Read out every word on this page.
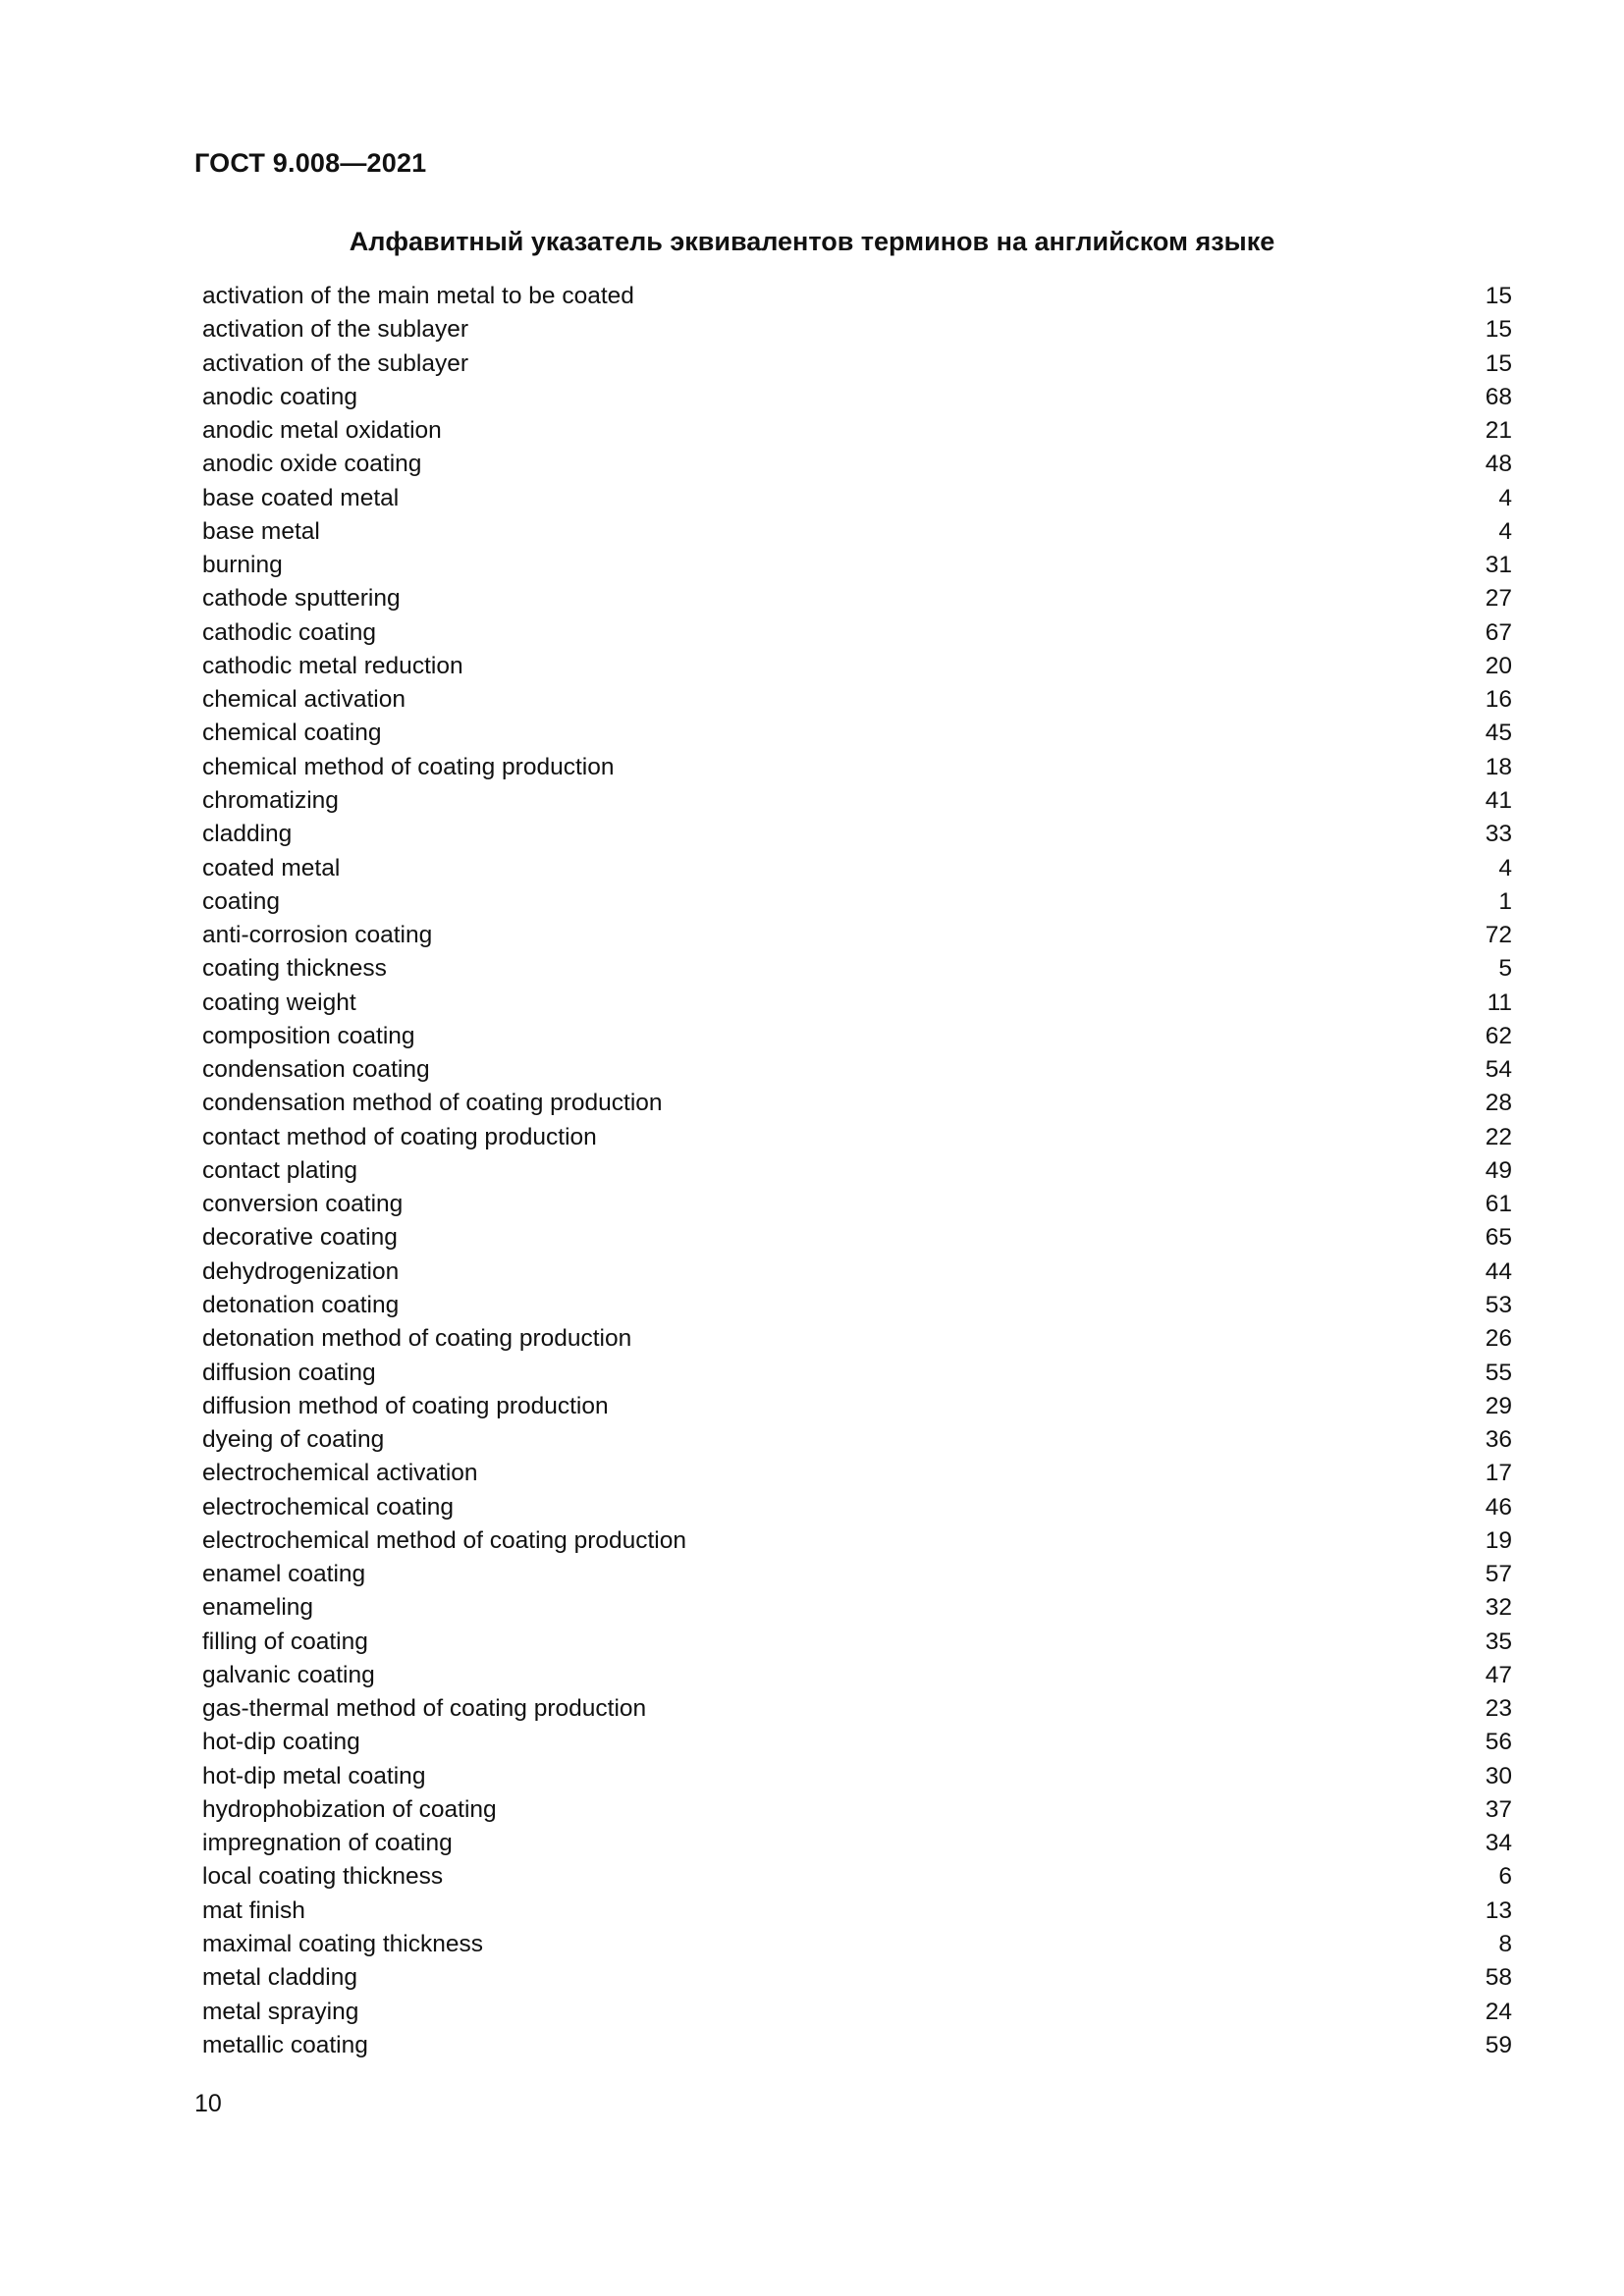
ГОСТ 9.008—2021
Алфавитный указатель эквивалентов терминов на английском языке
activation of the main metal to be coated	15
activation of the sublayer	15
activation of the sublayer	15
anodic coating	68
anodic metal oxidation	21
anodic oxide coating	48
base coated metal	4
base metal	4
burning	31
cathode sputtering	27
cathodic coating	67
cathodic metal reduction	20
chemical activation	16
chemical coating	45
chemical method of coating production	18
chromatizing	41
cladding	33
coated metal	4
coating	1
anti-corrosion coating	72
coating thickness	5
coating weight	11
composition coating	62
condensation coating	54
condensation method of coating production	28
contact method of coating production	22
contact plating	49
conversion coating	61
decorative coating	65
dehydrogenization	44
detonation coating	53
detonation method of coating production	26
diffusion coating	55
diffusion method of coating production	29
dyeing of coating	36
electrochemical activation	17
electrochemical coating	46
electrochemical method of coating production	19
enamel coating	57
enameling	32
filling of coating	35
galvanic coating	47
gas-thermal method of coating production	23
hot-dip coating	56
hot-dip metal coating	30
hydrophobization of coating	37
impregnation of coating	34
local coating thickness	6
mat finish	13
maximal coating thickness	8
metal cladding	58
metal spraying	24
metallic coating	59
10
